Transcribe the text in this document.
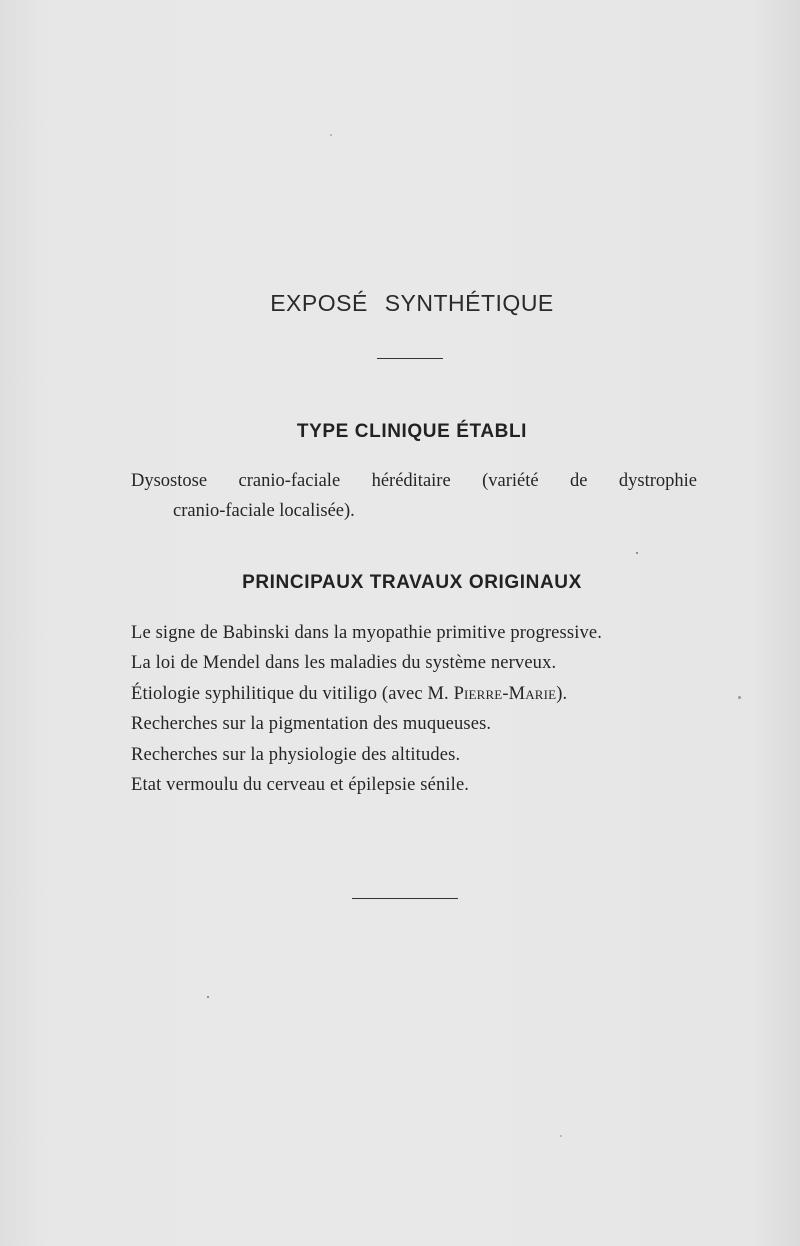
EXPOSÉ SYNTHÉTIQUE
TYPE CLINIQUE ÉTABLI
Dysostose cranio-faciale héréditaire (variété de dystrophie
cranio-faciale localisée).
PRINCIPAUX TRAVAUX ORIGINAUX
Le signe de Babinski dans la myopathie primitive progressive.
La loi de Mendel dans les maladies du système nerveux.
Étiologie syphilitique du vitiligo (avec M. Pierre-Marie).
Recherches sur la pigmentation des muqueuses.
Recherches sur la physiologie des altitudes.
Etat vermoulu du cerveau et épilepsie sénile.
